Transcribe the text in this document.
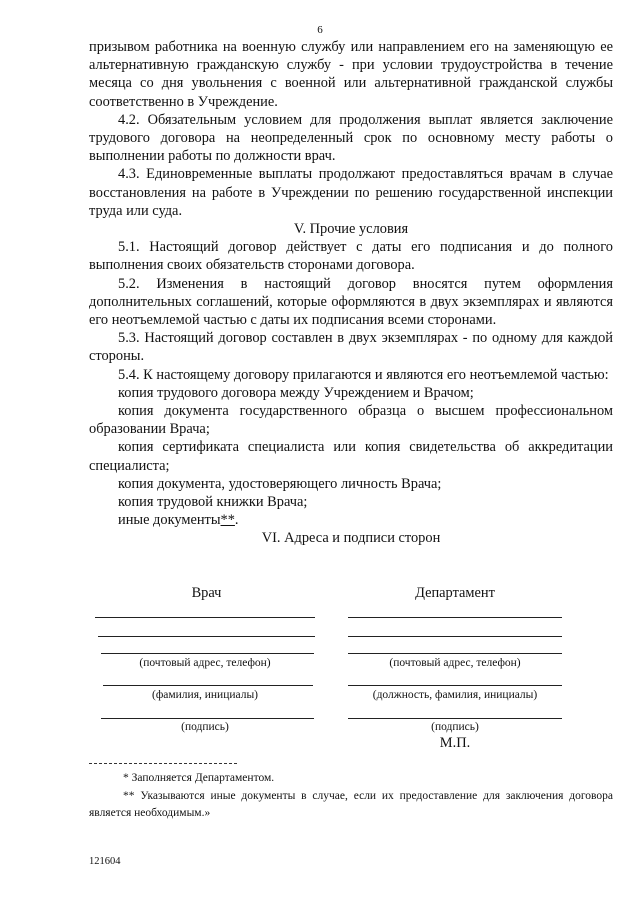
6

призывом работника на военную службу или направлением его на заменяющую ее альтернативную гражданскую службу - при условии трудоустройства в течение месяца со дня увольнения с военной или альтернативной гражданской службы соответственно в Учреждение.

4.2. Обязательным условием для продолжения выплат является заключение трудового договора на неопределенный срок по основному месту работы о выполнении работы по должности врач.

4.3. Единовременные выплаты продолжают предоставляться врачам в случае восстановления на работе в Учреждении по решению государственной инспекции труда или суда.

V. Прочие условия

5.1. Настоящий договор действует с даты его подписания и до полного выполнения своих обязательств сторонами договора.

5.2. Изменения в настоящий договор вносятся путем оформления дополнительных соглашений, которые оформляются в двух экземплярах и являются его неотъемлемой частью с даты их подписания всеми сторонами.

5.3. Настоящий договор составлен в двух экземплярах - по одному для каждой стороны.

5.4. К настоящему договору прилагаются и являются его неотъемлемой частью:

копия трудового договора между Учреждением и Врачом;

копия документа государственного образца о высшем профессиональном образовании Врача;

копия сертификата специалиста или копия свидетельства об аккредитации специалиста;

копия документа, удостоверяющего личность Врача;

копия трудовой книжки Врача;

иные документы**.

VI. Адреса и подписи сторон

Врач
(почтовый адрес, телефон)
(фамилия, инициалы)
(подпись)
Департамент
(почтовый адрес, телефон)
(должность, фамилия, инициалы)
(подпись)
М.П.
* Заполняется Департаментом.
** Указываются иные документы в случае, если их предоставление для заключения договора является необходимым.»
121604
